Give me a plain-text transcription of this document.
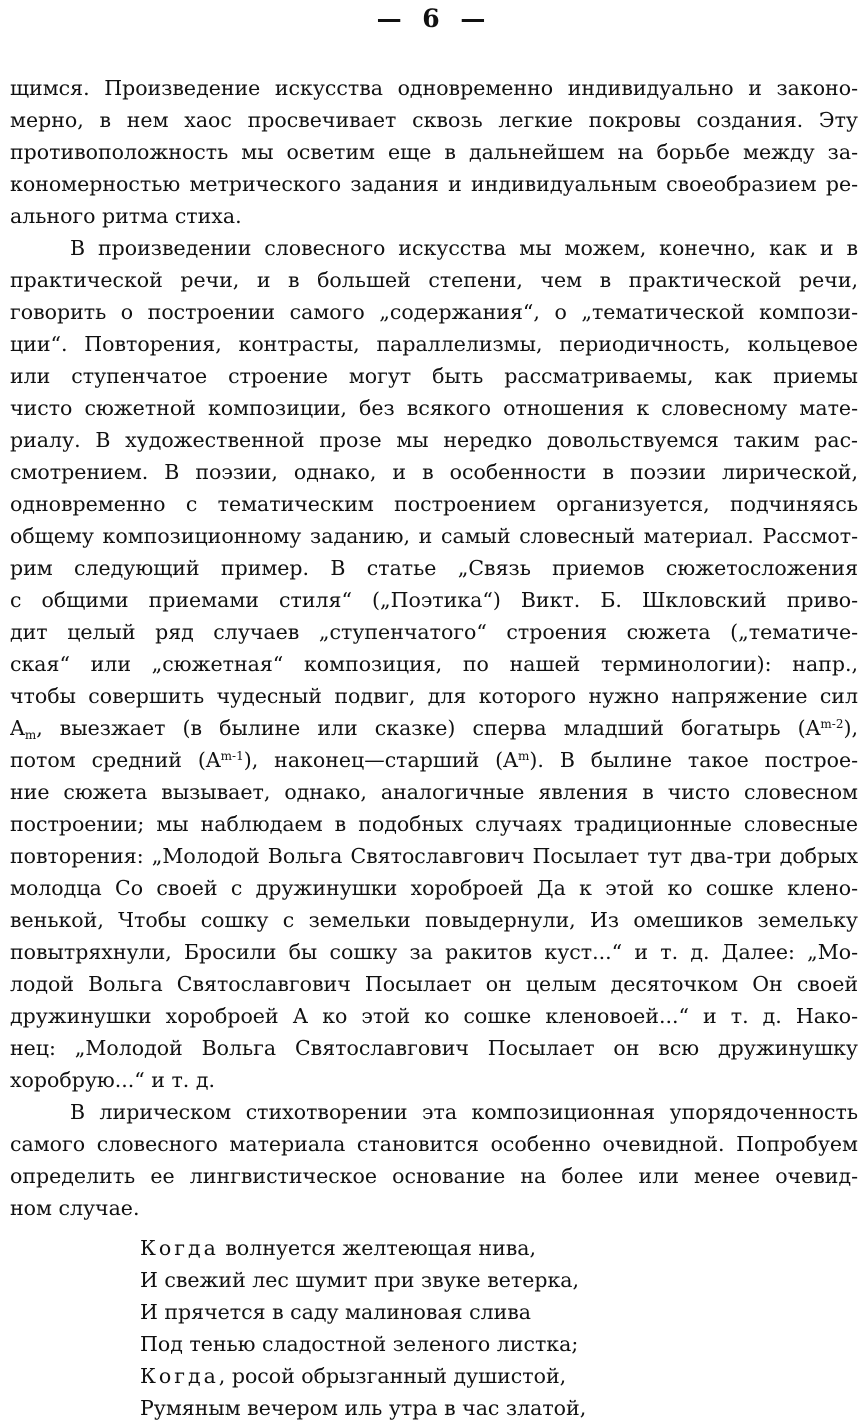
— 6 —
щимся. Произведение искусства одновременно индивидуально и законо-
мерно, в нем хаос просвечивает сквозь легкие покровы создания. Эту
противоположность мы осветим еще в дальнейшем на борьбе между за-
кономерностью метрического задания и индивидуальным своеобразием ре-
ального ритма стиха.
В произведении словесного искусства мы можем, конечно, как и в
практической речи, и в большей степени, чем в практической речи,
говорить о построении самого „содержания“, о „тематической компози-
ции“. Повторения, контрасты, параллелизмы, периодичность, кольцевое
или ступенчатое строение могут быть рассматриваемы, как приемы
чисто сюжетной композиции, без всякого отношения к словесному мате-
риалу. В художественной прозе мы нередко довольствуемся таким рас-
смотрением. В поэзии, однако, и в особенности в поэзии лирической,
одновременно с тематическим построением организуется, подчиняясь
общему композиционному заданию, и самый словесный материал. Рассмот-
рим следующий пример. В статье „Связь приемов сюжетосложения
с общими приемами стиля“ („Поэтика“) Викт. Б. Шкловский приво-
дит целый ряд случаев „ступенчатого“ строения сюжета („тематиче-
ская“ или „сюжетная“ композиция, по нашей терминологии): напр.,
чтобы совершить чудесный подвиг, для которого нужно напряжение сил
$A_m$, выезжает (в былине или сказке) сперва младший богатырь $(A^{m-2})$,
потом средний $(A^{m-1})$, наконец—старший $(A^m)$. В былине такое построе-
ние сюжета вызывает, однако, аналогичные явления в чисто словесном
построении; мы наблюдаем в подобных случаях традиционные словесные
повторения: „Молодой Вольга Святославгович Посылает тут два-три добрых
молодца Со своей с дружинушки хороброей Да к этой ко сошке клено-
венькой, Чтобы сошку с земельки повыдернули, Из омешиков земельку
повытряхнули, Бросили бы сошку за ракитов куст...“ и т. д. Далее: „Мо-
лодой Вольга Святославгович Посылает он целым десяточком Он своей
дружинушки хороброей А ко этой ко сошке кленовоей...“ и т. д. Нако-
нец: „Молодой Вольга Святославгович Посылает он всю дружинушку
хоробрую...“ и т. д.
В лирическом стихотворении эта композиционная упорядоченность
самого словесного материала становится особенно очевидной. Попробуем
определить ее лингвистическое основание на более или менее очевид-
ном случае.
Когда волнуется желтеющая нива,
И свежий лес шумит при звуке ветерка,
И прячется в саду малиновая слива
Под тенью сладостной зеленого листка;
Когда, росой обрызганный душистой,
Румяным вечером иль утра в час златой,
